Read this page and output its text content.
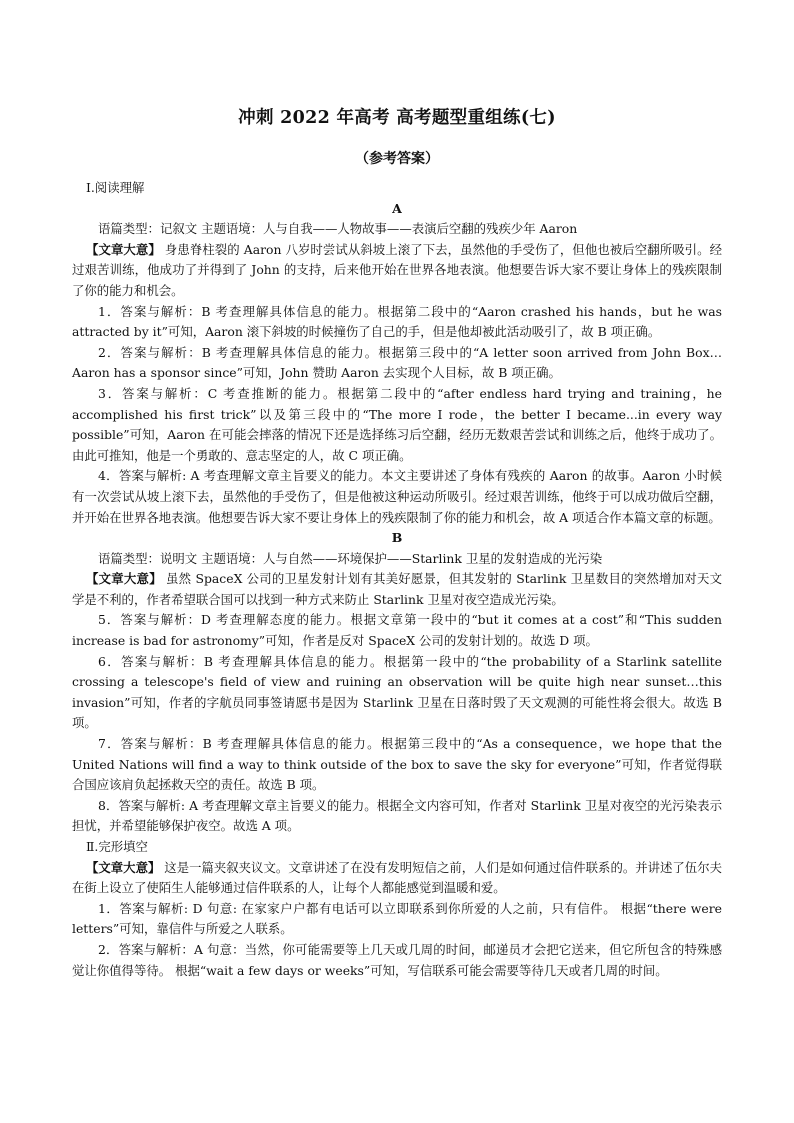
冲刺 2022 年高考 高考题型重组练(七)
（参考答案）

Ⅰ.阅读理解

A

语篇类型：记叙文 主题语境：人与自我——人物故事——表演后空翻的残疾少年 Aaron

【文章大意】 身患脊柱裂的 Aaron 八岁时尝试从斜坡上滚了下去，虽然他的手受伤了，但他也被后空翻所吸引。经过艰苦训练，他成功了并得到了 John 的支持，后来他开始在世界各地表演。他想要告诉大家不要让身体上的残疾限制了你的能力和机会。

1．答案与解析：B 考查理解具体信息的能力。根据第二段中的“Aaron crashed his hands，but he was attracted by it”可知，Aaron 滚下斜坡的时候撞伤了自己的手，但是他却被此活动吸引了，故 B 项正确。

2．答案与解析：B 考查理解具体信息的能力。根据第三段中的“A letter soon arrived from John Box… Aaron has a sponsor since”可知，John 赞助 Aaron 去实现个人目标，故 B 项正确。

3．答案与解析：C 考查推断的能力。根据第二段中的“after endless hard trying and training，he accomplished his first trick”以及第三段中的“The more I rode，the better I became...in every way possible”可知，Aaron 在可能会摔落的情况下还是选择练习后空翻，经历无数艰苦尝试和训练之后，他终于成功了。由此可推知，他是一个勇敢的、意志坚定的人，故 C 项正确。

4．答案与解析: A 考查理解文章主旨要义的能力。本文主要讲述了身体有残疾的 Aaron 的故事。Aaron 小时候有一次尝试从坡上滚下去，虽然他的手受伤了，但是他被这种运动所吸引。经过艰苦训练，他终于可以成功做后空翻，并开始在世界各地表演。他想要告诉大家不要让身体上的残疾限制了你的能力和机会，故 A 项适合作本篇文章的标题。

B

语篇类型：说明文 主题语境：人与自然——环境保护——Starlink 卫星的发射造成的光污染

【文章大意】 虽然 SpaceX 公司的卫星发射计划有其美好愿景，但其发射的 Starlink 卫星数目的突然增加对天文学是不利的，作者希望联合国可以找到一种方式来防止 Starlink 卫星对夜空造成光污染。

5．答案与解析：D 考查理解态度的能力。根据文章第一段中的“but it comes at a cost”和“This sudden increase is bad for astronomy”可知，作者是反对 SpaceX 公司的发射计划的。故选 D 项。

6．答案与解析：B 考查理解具体信息的能力。根据第一段中的“the probability of a Starlink satellite crossing a telescope's field of view and ruining an observation will be quite high near sunset…this invasion”可知，作者的字航员同事签请愿书是因为 Starlink 卫星在日落时毁了天文观测的可能性将会很大。故选 B 项。

7．答案与解析：B 考查理解具体信息的能力。根据第三段中的“As a consequence，we hope that the United Nations will find a way to think outside of the box to save the sky for everyone”可知，作者觉得联合国应该肩负起拯救天空的责任。故选 B 项。

8．答案与解析: A 考查理解文章主旨要义的能力。根据全文内容可知，作者对 Starlink 卫星对夜空的光污染表示担忧，并希望能够保护夜空。故选 A 项。

Ⅱ.完形填空

【文章大意】 这是一篇夹叙夹议文。文章讲述了在没有发明短信之前，人们是如何通过信件联系的。并讲述了伍尔夫在街上设立了使陌生人能够通过信件联系的人，让每个人都能感觉到温暖和爱。

1．答案与解析: D 句意: 在家家户户都有电话可以立即联系到你所爱的人之前，只有信件。 根据“there were letters”可知，靠信件与所爱之人联系。

2．答案与解析：A 句意：当然，你可能需要等上几天或几周的时间，邮递员才会把它送来，但它所包含的特殊感觉让你值得等待。 根据“wait a few days or weeks”可知，写信联系可能会需要等待几天或者几周的时间。
